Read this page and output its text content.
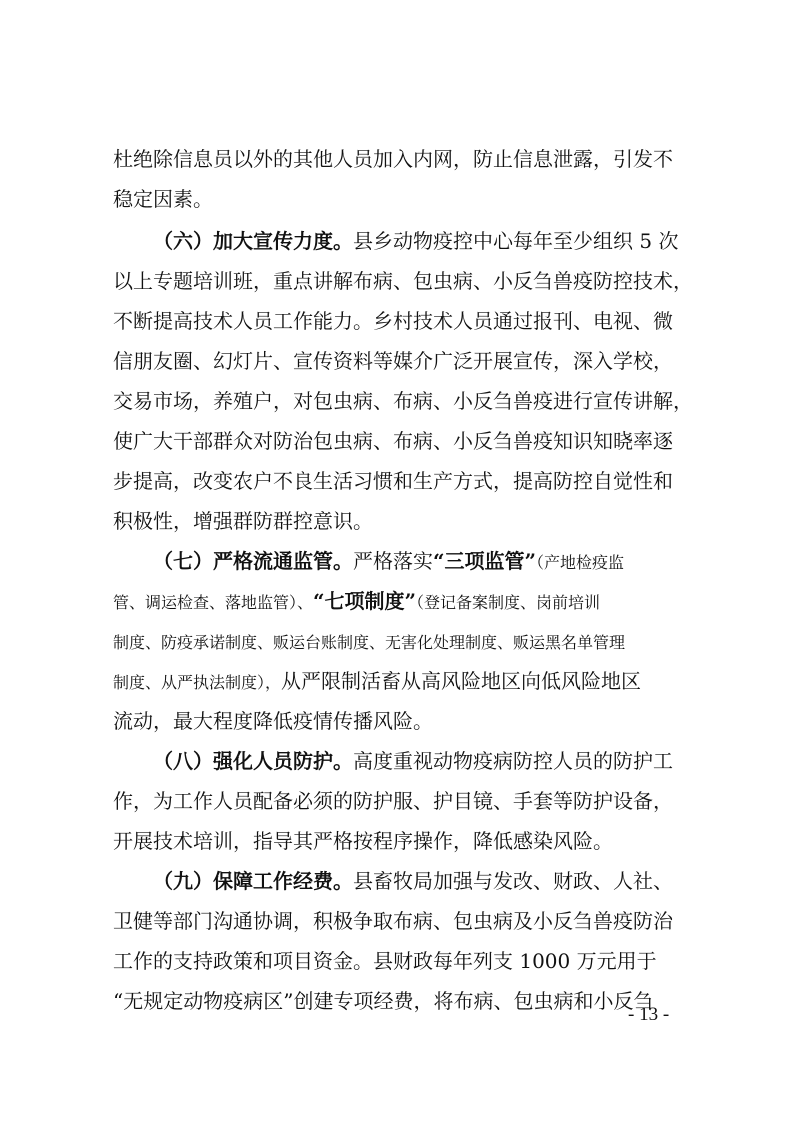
杜绝除信息员以外的其他人员加入内网，防止信息泄露，引发不
稳定因素。
（六）加大宣传力度。县乡动物疫控中心每年至少组织 5 次
以上专题培训班，重点讲解布病、包虫病、小反刍兽疫防控技术，
不断提高技术人员工作能力。乡村技术人员通过报刊、电视、微
信朋友圈、幻灯片、宣传资料等媒介广泛开展宣传，深入学校，
交易市场，养殖户，对包虫病、布病、小反刍兽疫进行宣传讲解，
使广大干部群众对防治包虫病、布病、小反刍兽疫知识知晓率逐
步提高，改变农户不良生活习惯和生产方式，提高防控自觉性和
积极性，增强群防群控意识。
（七）严格流通监管。严格落实“三项监管”（产地检疫监
管、调运检查、落地监管）、“七项制度”（登记备案制度、岗前培训
制度、防疫承诺制度、贩运台账制度、无害化处理制度、贩运黑名单管理
制度、从严执法制度），从严限制活畜从高风险地区向低风险地区
流动，最大程度降低疫情传播风险。
（八）强化人员防护。高度重视动物疫病防控人员的防护工
作，为工作人员配备必须的防护服、护目镜、手套等防护设备，
开展技术培训，指导其严格按程序操作，降低感染风险。
（九）保障工作经费。县畜牧局加强与发改、财政、人社、
卫健等部门沟通协调，积极争取布病、包虫病及小反刍兽疫防治
工作的支持政策和项目资金。县财政每年列支 1000 万元用于
“无规定动物疫病区”创建专项经费，将布病、包虫病和小反刍
- 13 -
